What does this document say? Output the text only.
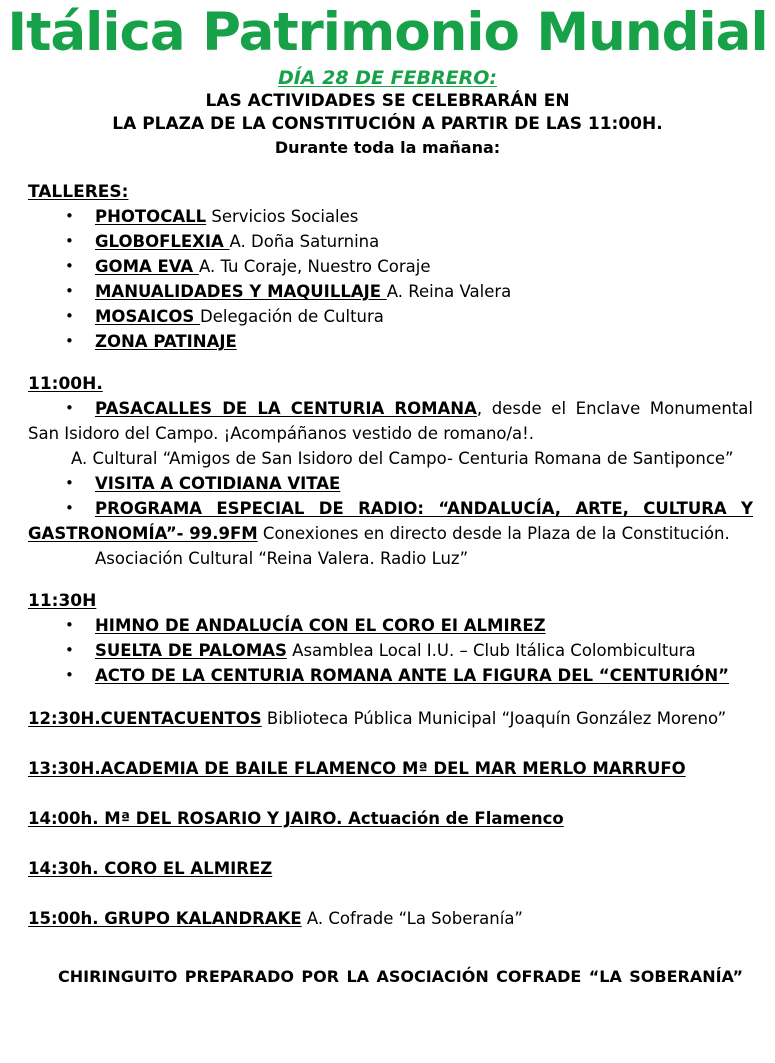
Itálica Patrimonio Mundial
DÍA 28 DE FEBRERO:
LAS ACTIVIDADES SE CELEBRARÁN EN
LA PLAZA DE LA CONSTITUCIÓN A PARTIR DE LAS 11:00H.
Durante toda la mañana:
TALLERES:
• PHOTOCALL Servicios Sociales
• GLOBOFLEXIA A. Doña Saturnina
• GOMA EVA A. Tu Coraje, Nuestro Coraje
• MANUALIDADES Y MAQUILLAJE A. Reina Valera
• MOSAICOS Delegación de Cultura
• ZONA PATINAJE
11:00H.
• PASACALLES DE LA CENTURIA ROMANA, desde el Enclave Monumental San Isidoro del Campo. ¡Acompáñanos vestido de romano/a!.

A. Cultural “Amigos de San Isidoro del Campo- Centuria Romana de Santiponce”

• VISITA A COTIDIANA VITAE
• PROGRAMA ESPECIAL DE RADIO: “ANDALUCÍA, ARTE, CULTURA Y GASTRONOMÍA”- 99.9FM Conexiones en directo desde la Plaza de la Constitución.

Asociación Cultural “Reina Valera. Radio Luz”

11:30H
• HIMNO DE ANDALUCÍA CON EL CORO EI ALMIREZ
• SUELTA DE PALOMAS Asamblea Local I.U. – Club Itálica Colombicultura
• ACTO DE LA CENTURIA ROMANA ANTE LA FIGURA DEL “CENTURIÓN”

12:30H.CUENTACUENTOS Biblioteca Pública Municipal “Joaquín González Moreno”

13:30H.ACADEMIA DE BAILE FLAMENCO Mª DEL MAR MERLO MARRUFO

14:00h. Mª DEL ROSARIO Y JAIRO. Actuación de Flamenco

14:30h. CORO EL ALMIREZ

15:00h. GRUPO KALANDRAKE A. Cofrade “La Soberanía”

CHIRINGUITO PREPARADO POR LA ASOCIACIÓN COFRADE “LA SOBERANÍA”
